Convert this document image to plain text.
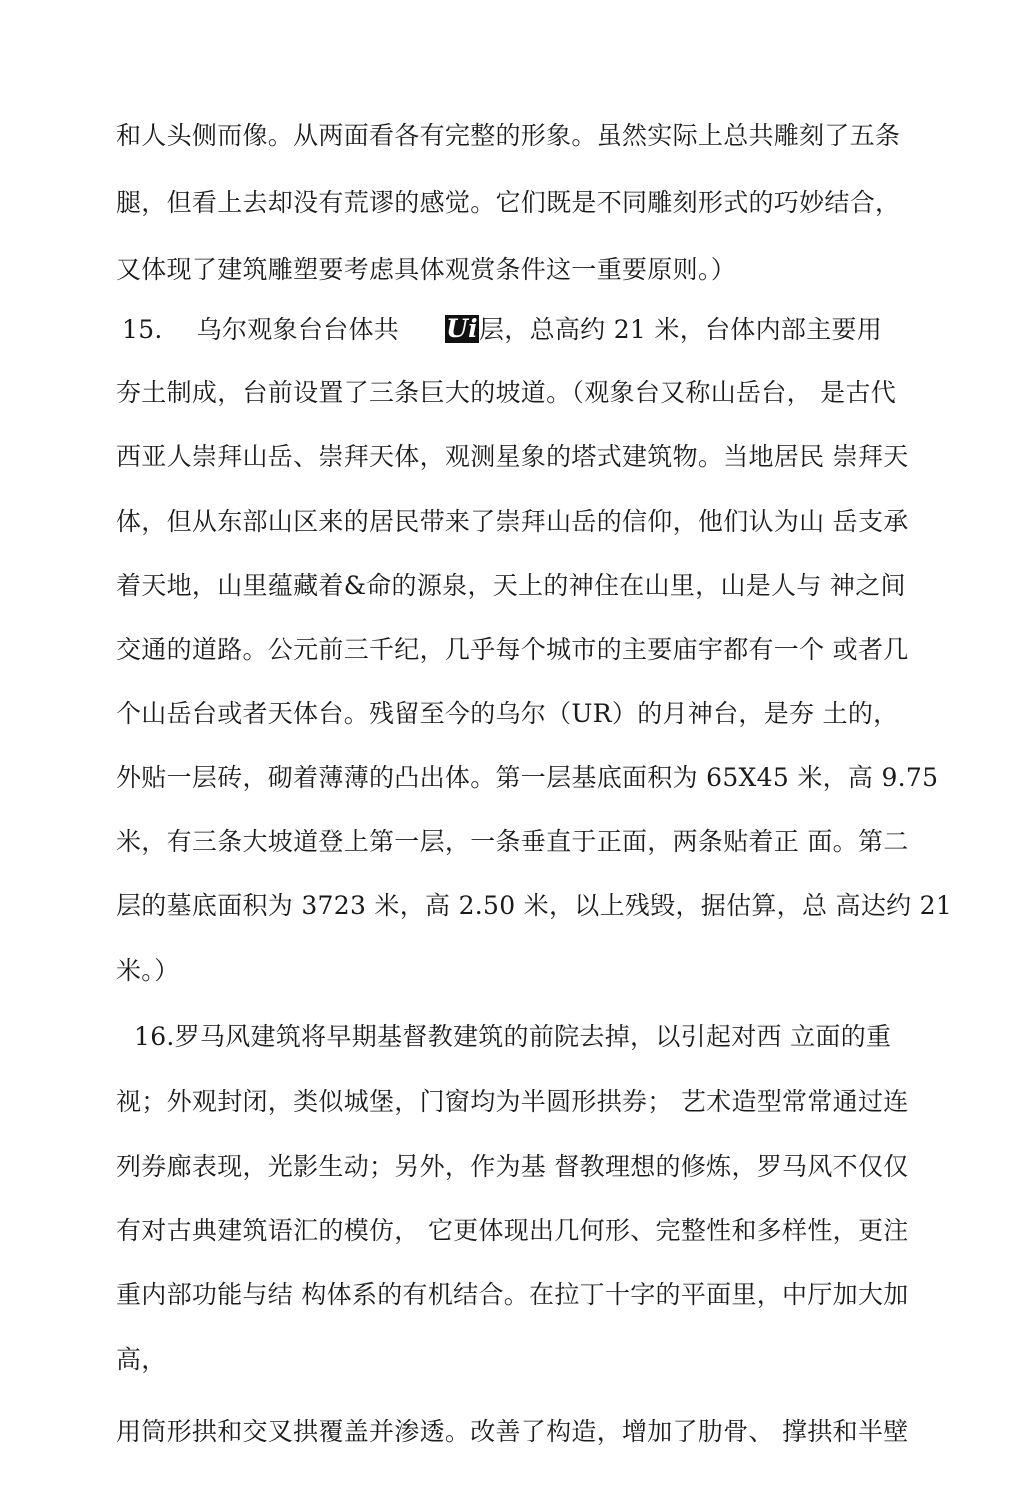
和人头侧而像。从两面看各有完整的形象。虽然实际上总共雕刻了五条
腿，但看上去却没有荒谬的感觉。它们既是不同雕刻形式的巧妙结合，
又体现了建筑雕塑要考虑具体观赏条件这一重要原则。）
15. 乌尔观象台台体共 Ui层，总高约 21 米，台体内部主要用
夯土制成，台前设置了三条巨大的坡道。（观象台又称山岳台， 是古代
西亚人崇拜山岳、崇拜天体，观测星象的塔式建筑物。当地居民 崇拜天
体，但从东部山区来的居民带来了崇拜山岳的信仰，他们认为山 岳支承
着天地，山里蕴藏着&命的源泉，天上的神住在山里，山是人与 神之间
交通的道路。公元前三千纪，几乎每个城市的主要庙宇都有一个 或者几
个山岳台或者天体台。残留至今的乌尔（UR）的月神台，是夯 土的，
外贴一层砖，砌着薄薄的凸出体。第一层基底面积为 65X45 米，高 9.75
米，有三条大坡道登上第一层，一条垂直于正面，两条贴着正 面。第二
层的墓底面积为 3723 米，高 2.50 米，以上残毁，据估算，总 高达约 21
米。）
16.罗马风建筑将早期基督教建筑的前院去掉，以引起对西 立面的重
视；外观封闭，类似城堡，门窗均为半圆形拱券； 艺术造型常常通过连
列券廊表现，光影生动；另外，作为基 督教理想的修炼，罗马风不仅仅
有对古典建筑语汇的模仿， 它更体现出几何形、完整性和多样性，更注
重内部功能与结 构体系的有机结合。在拉丁十字的平面里，中厅加大加
高，
用筒形拱和交叉拱覆盖并渗透。改善了构造，增加了肋骨、 撑拱和半壁
